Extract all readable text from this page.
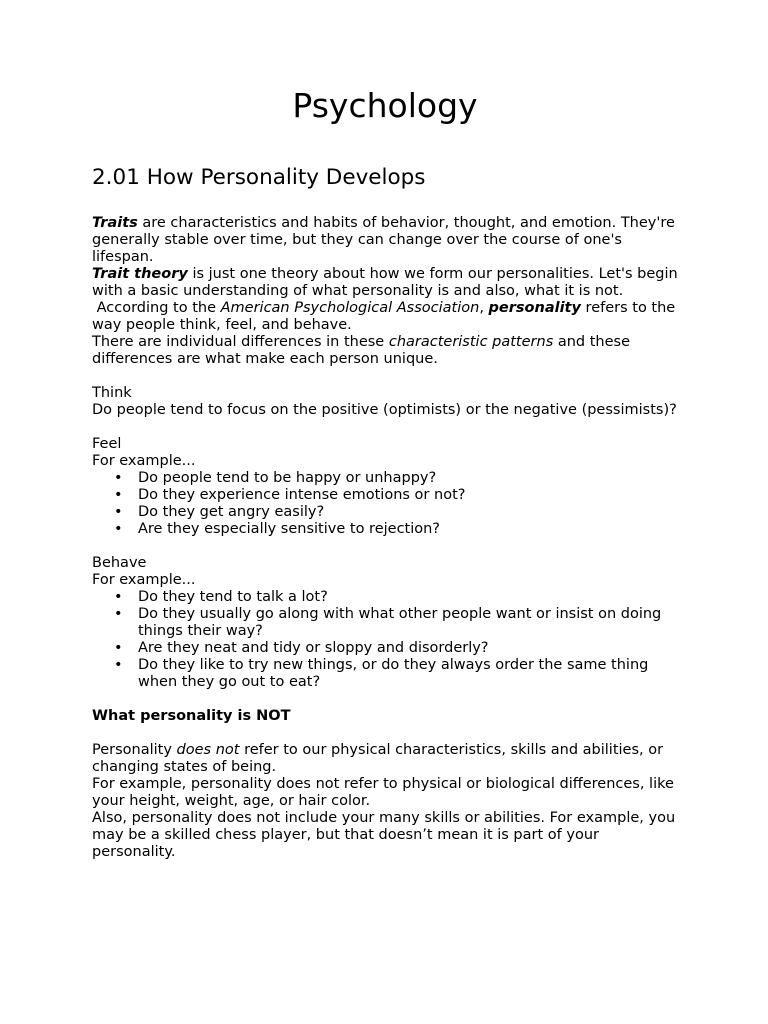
Psychology
2.01 How Personality Develops

Traits are characteristics and habits of behavior, thought, and emotion. They're generally stable over time, but they can change over the course of one's lifespan.

Trait theory is just one theory about how we form our personalities. Let's begin with a basic understanding of what personality is and also, what it is not.

According to the American Psychological Association, personality refers to the way people think, feel, and behave.

There are individual differences in these characteristic patterns and these differences are what make each person unique.

Think

Do people tend to focus on the positive (optimists) or the negative (pessimists)?

Feel

For example...

• Do people tend to be happy or unhappy?
• Do they experience intense emotions or not?
• Do they get angry easily?
• Are they especially sensitive to rejection?

Behave

For example...

• Do they tend to talk a lot?
• Do they usually go along with what other people want or insist on doing things their way?
• Are they neat and tidy or sloppy and disorderly?
• Do they like to try new things, or do they always order the same thing when they go out to eat?

What personality is NOT

Personality does not refer to our physical characteristics, skills and abilities, or changing states of being.

For example, personality does not refer to physical or biological differences, like your height, weight, age, or hair color.

Also, personality does not include your many skills or abilities. For example, you may be a skilled chess player, but that doesn’t mean it is part of your personality.
